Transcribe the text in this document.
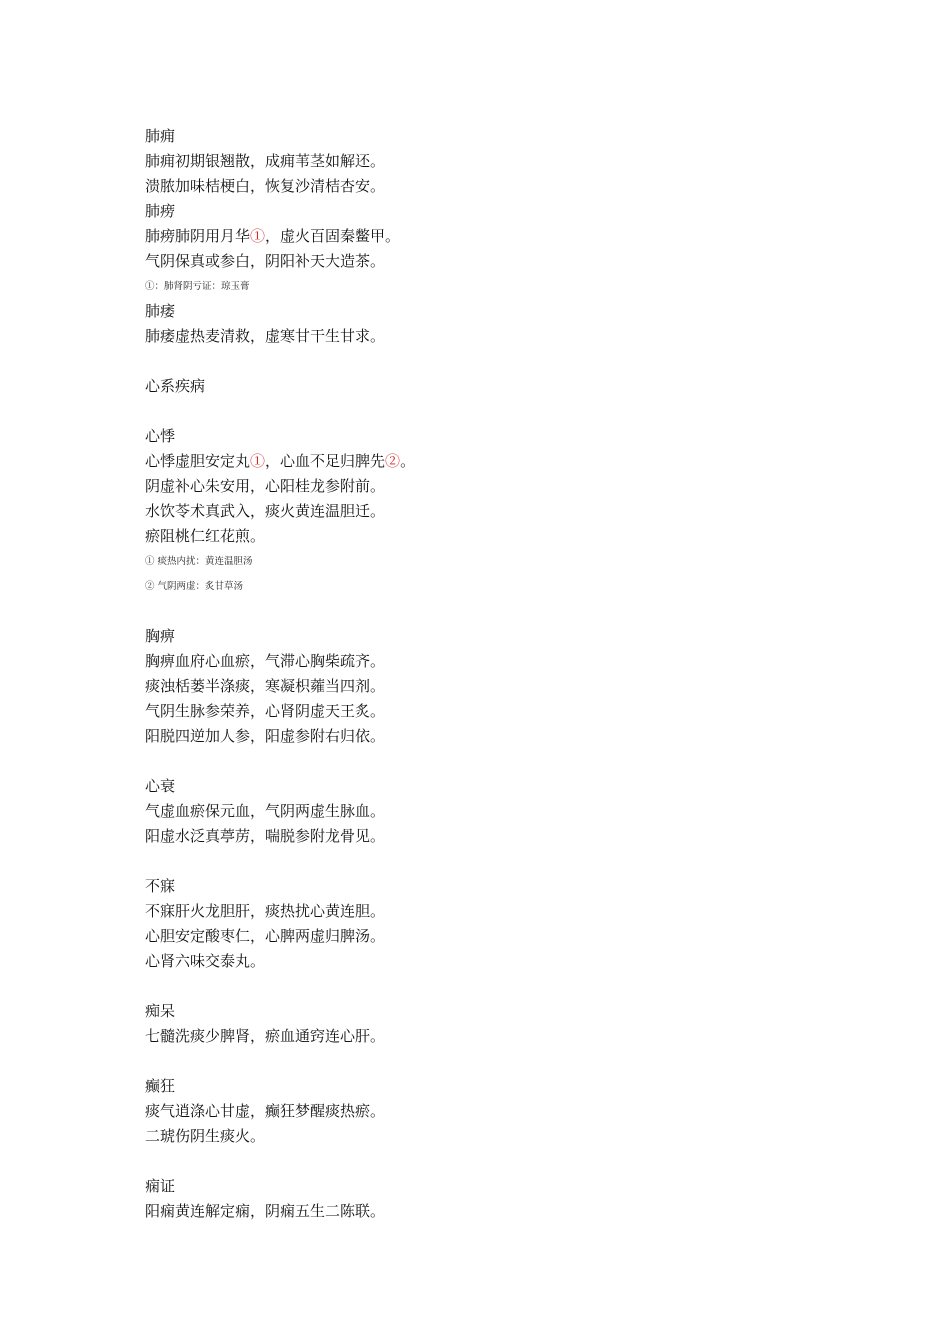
肺痈
肺痈初期银翘散，成痈苇茎如解还。
溃脓加味桔梗白，恢复沙清桔杏安。
肺痨
肺痨肺阴用月华①，虚火百固秦鳖甲。
气阴保真或参白，阴阳补天大造茶。
①：肺肾阴亏证：琼玉膏
肺痿
肺痿虚热麦清救，虚寒甘干生甘求。
心系疾病
心悸
心悸虚胆安定丸①，心血不足归脾先②。
阴虚补心朱安用，心阳桂龙参附前。
水饮苓术真武入，痰火黄连温胆迁。
瘀阻桃仁红花煎。
① 痰热内扰：黄连温胆汤
② 气阴两虚：炙甘草汤
胸痹
胸痹血府心血瘀，气滞心胸柴疏齐。
痰浊栝蒌半涤痰，寒凝枳蕹当四剂。
气阴生脉参荣养，心肾阴虚天王炙。
阳脱四逆加人参，阳虚参附右归依。
心衰
气虚血瘀保元血，气阴两虚生脉血。
阳虚水泛真葶苈，喘脱参附龙骨见。
不寐
不寐肝火龙胆肝，痰热扰心黄连胆。
心胆安定酸枣仁，心脾两虚归脾汤。
心肾六味交泰丸。
痴呆
七髓洗痰少脾肾，瘀血通窍连心肝。
癫狂
痰气逍涤心甘虚，癫狂梦醒痰热瘀。
二琥伤阴生痰火。
痫证
阳痫黄连解定痫，阴痫五生二陈联。
